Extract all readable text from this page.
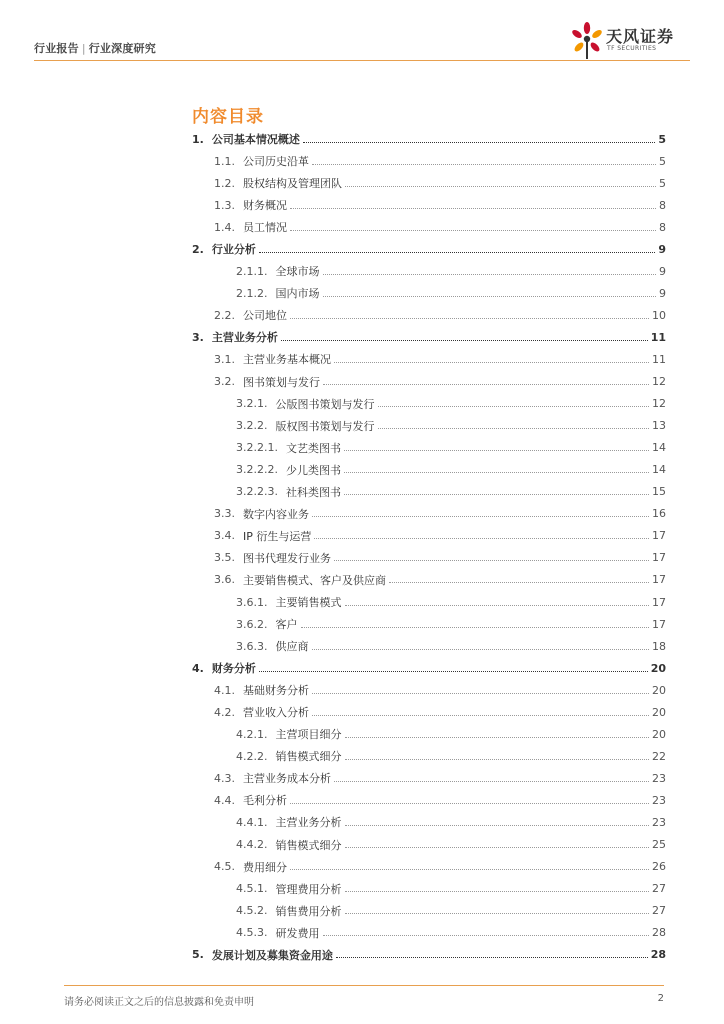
行业报告 | 行业深度研究
天风证券
TF SECURITIES
内容目录
1. 公司基本情况概述	5
1.1. 公司历史沿革	5
1.2. 股权结构及管理团队	5
1.3. 财务概况	8
1.4. 员工情况	8
2. 行业分析	9
2.1.1. 全球市场	9
2.1.2. 国内市场	9
2.2. 公司地位	10
3. 主营业务分析	11
3.1. 主营业务基本概况	11
3.2. 图书策划与发行	12
3.2.1. 公版图书策划与发行	12
3.2.2. 版权图书策划与发行	13
3.2.2.1. 文艺类图书	14
3.2.2.2. 少儿类图书	14
3.2.2.3. 社科类图书	15
3.3. 数字内容业务	16
3.4. IP 衍生与运营	17
3.5. 图书代理发行业务	17
3.6. 主要销售模式、客户及供应商	17
3.6.1. 主要销售模式	17
3.6.2. 客户	17
3.6.3. 供应商	18
4. 财务分析	20
4.1. 基础财务分析	20
4.2. 营业收入分析	20
4.2.1. 主营项目细分	20
4.2.2. 销售模式细分	22
4.3. 主营业务成本分析	23
4.4. 毛利分析	23
4.4.1. 主营业务分析	23
4.4.2. 销售模式细分	25
4.5. 费用细分	26
4.5.1. 管理费用分析	27
4.5.2. 销售费用分析	27
4.5.3. 研发费用	28
5. 发展计划及募集资金用途	28
请务必阅读正文之后的信息披露和免责申明	2
